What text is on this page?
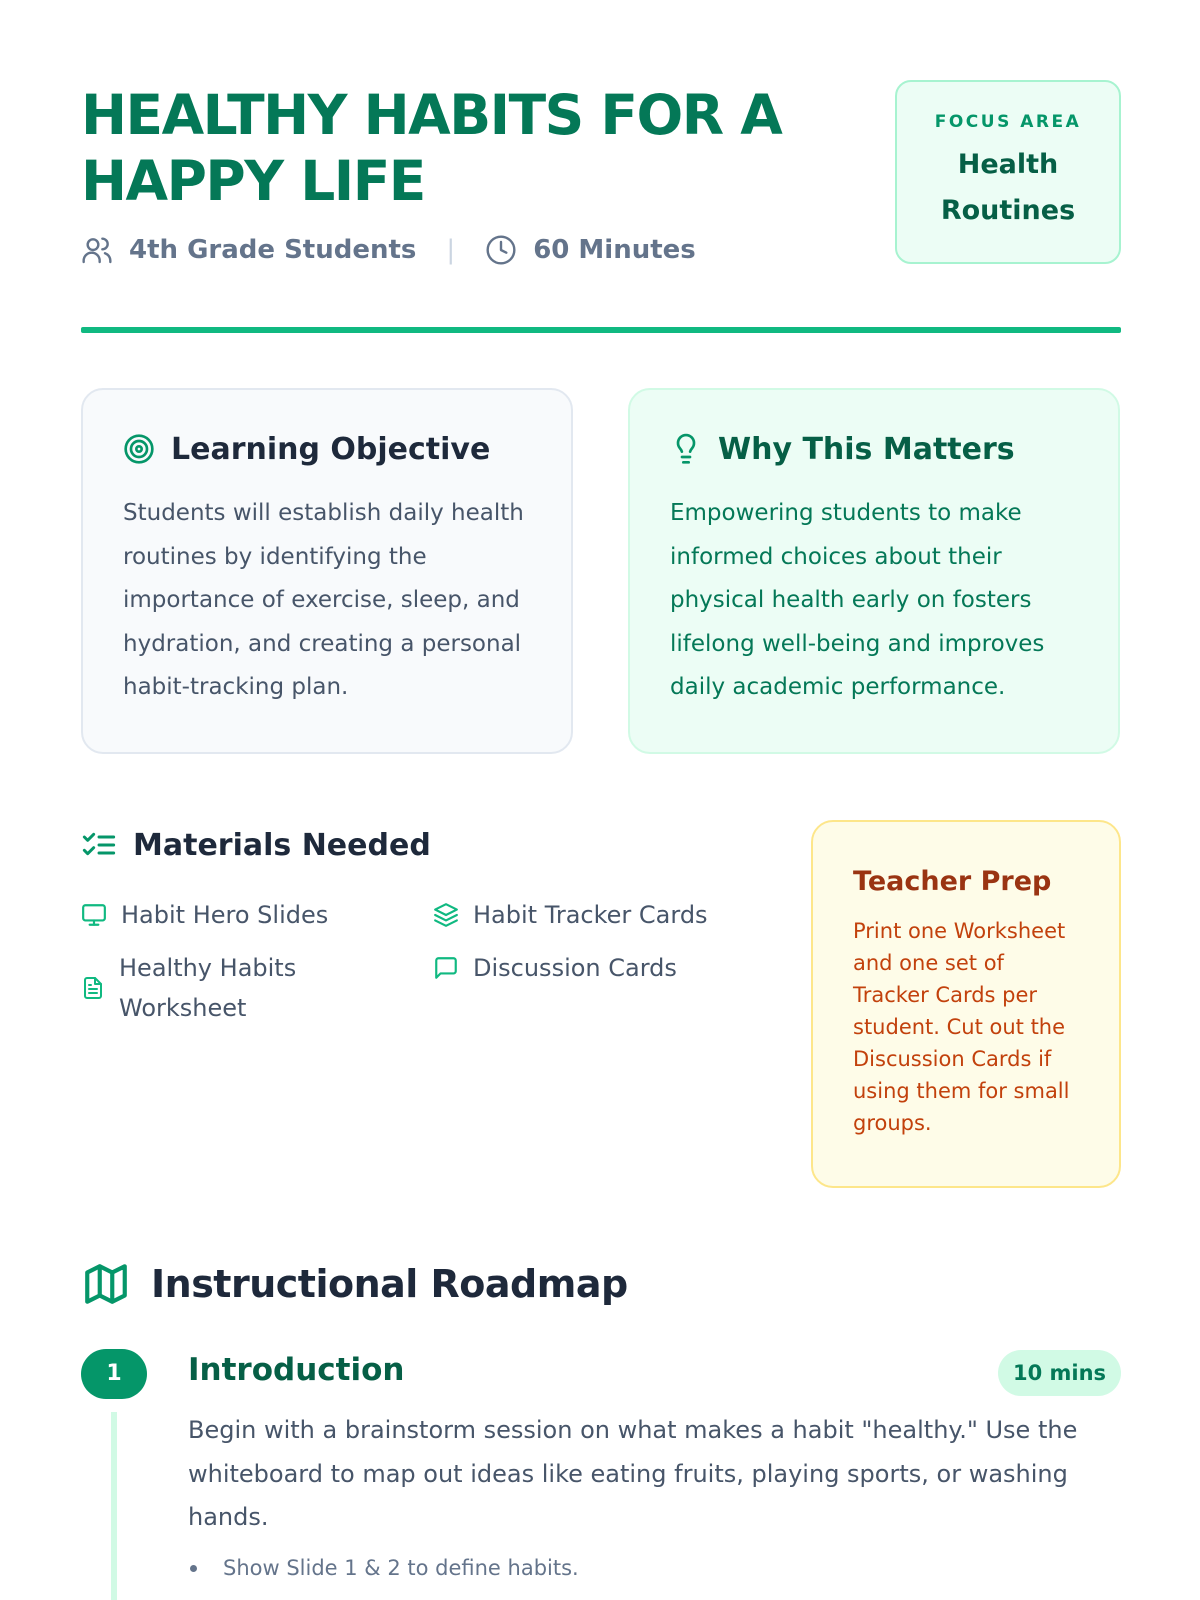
HEALTHY HABITS FOR A HAPPY LIFE
4th Grade Students |	60 Minutes
FOCUS AREA
Health Routines
Learning Objective

Students will establish daily health routines by identifying the importance of exercise, sleep, and hydration, and creating a personal habit-tracking plan.

Why This Matters

Empowering students to make informed choices about their physical health early on fosters lifelong well-being and improves daily academic performance.

Materials Needed
Habit Hero Slides	Habit Tracker Cards
Healthy Habits Worksheet
Discussion Cards
Teacher Prep

Print one Worksheet and one set of Tracker Cards per student. Cut out the Discussion Cards if using them for small groups.

Instructional Roadmap
1	Introduction	10 mins

Begin with a brainstorm session on what makes a habit "healthy." Use the whiteboard to map out ideas like eating fruits, playing sports, or washing hands.

Show Slide 1 & 2 to define habits.
